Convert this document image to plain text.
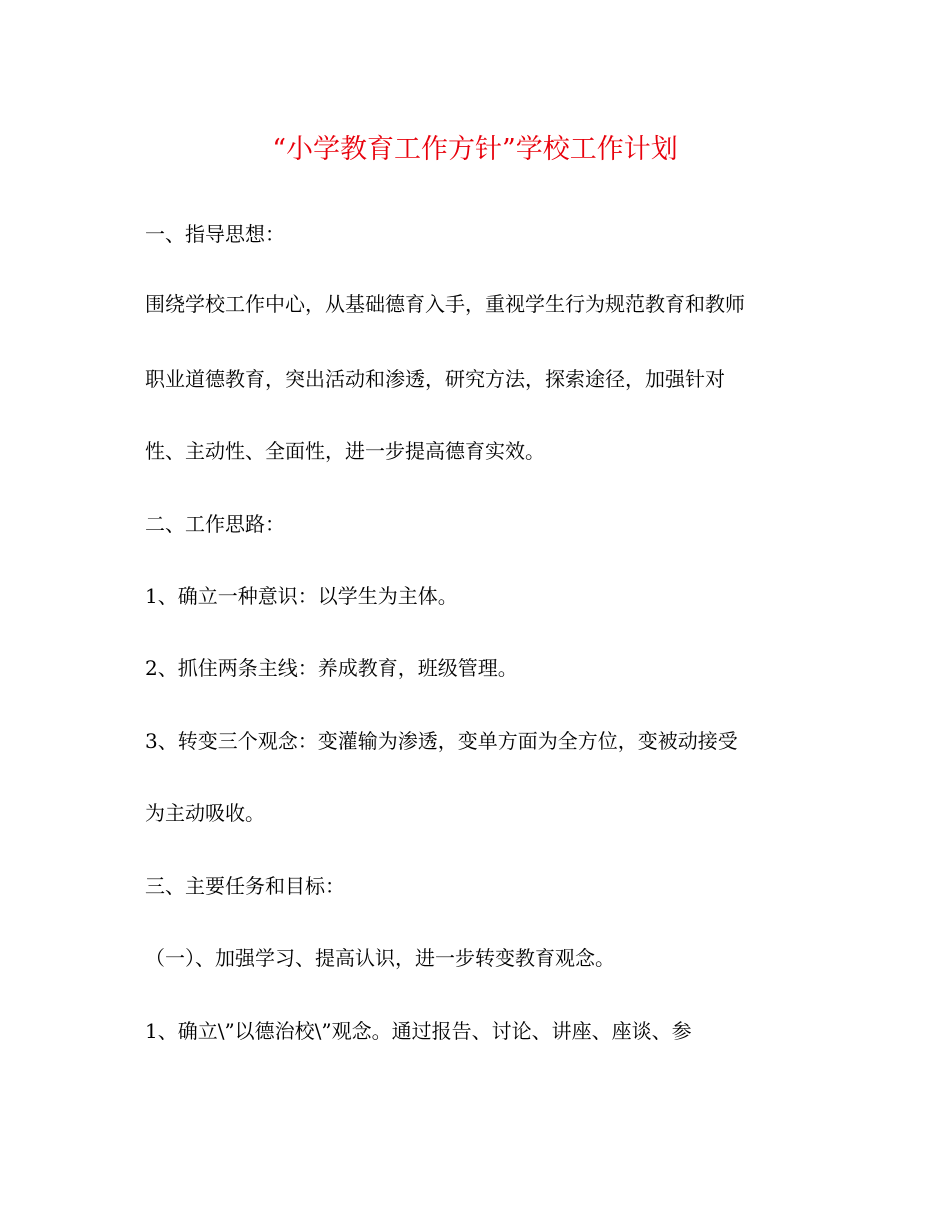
“小学教育工作方针”学校工作计划
一、指导思想：
围绕学校工作中心，从基础德育入手，重视学生行为规范教育和教师
职业道德教育，突出活动和渗透，研究方法，探索途径，加强针对
性、主动性、全面性，进一步提高德育实效。
二、工作思路：
1、确立一种意识：以学生为主体。
2、抓住两条主线：养成教育，班级管理。
3、转变三个观念：变灌输为渗透，变单方面为全方位，变被动接受
为主动吸收。
三、主要任务和目标：
（一）、加强学习、提高认识，进一步转变教育观念。
1、确立\”以德治校\”观念。通过报告、讨论、讲座、座谈、参
